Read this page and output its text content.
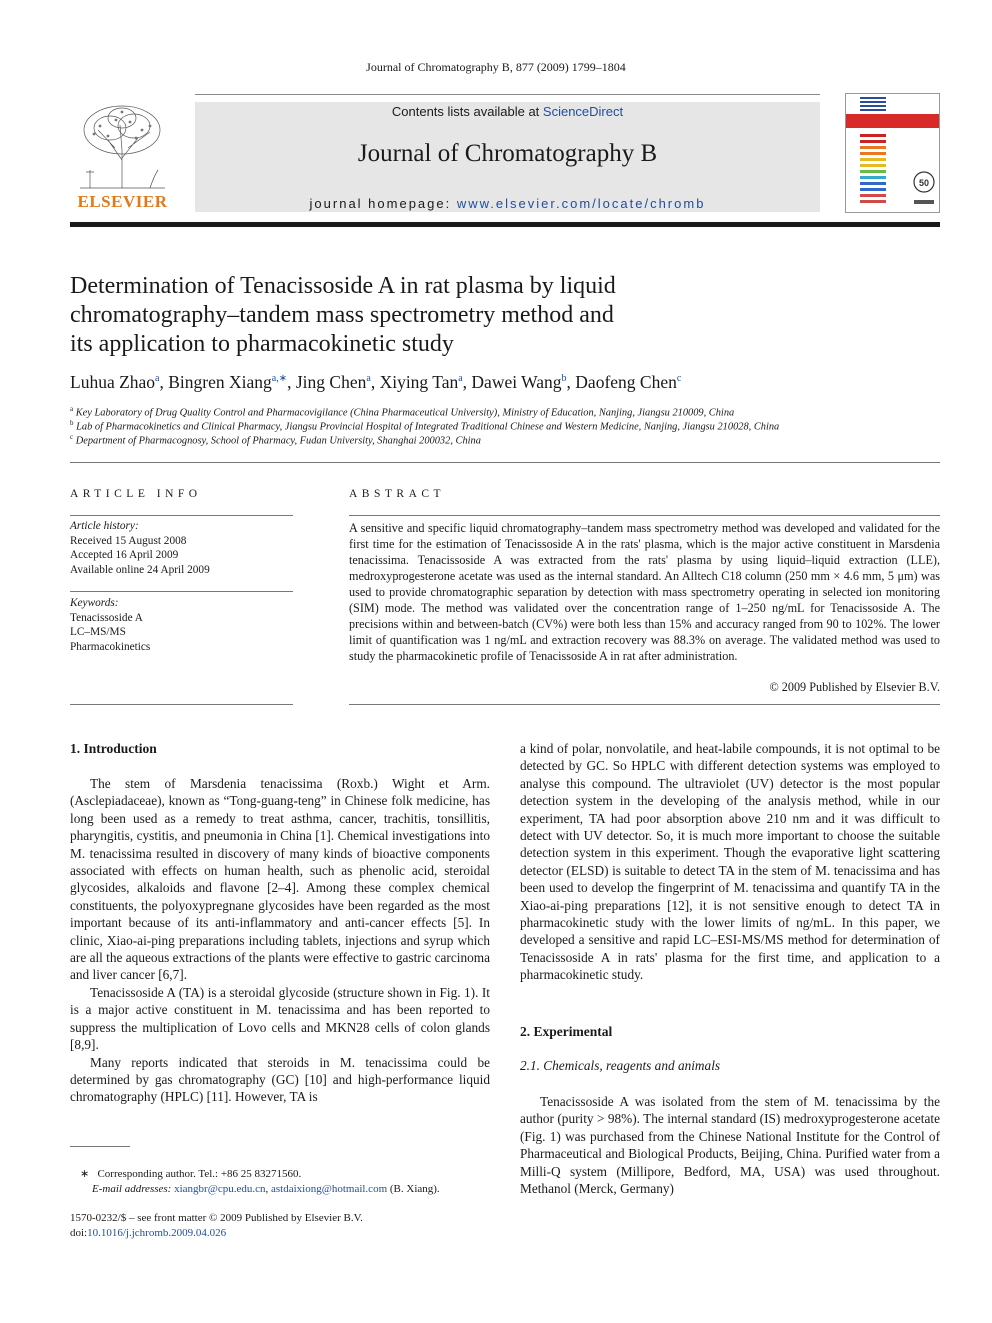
Journal of Chromatography B, 877 (2009) 1799–1804
Contents lists available at ScienceDirect
Journal of Chromatography B
journal homepage: www.elsevier.com/locate/chromb
ELSEVIER
50
Determination of Tenacissoside A in rat plasma by liquid
chromatography–tandem mass spectrometry method and
its application to pharmacokinetic study
Luhua Zhao$^a$, Bingren Xiang$^{a,∗}$, Jing Chen$^a$, Xiying Tan$^a$, Dawei Wang$^b$, Daofeng Chen$^c$
$^a$ Key Laboratory of Drug Quality Control and Pharmacovigilance (China Pharmaceutical University), Ministry of Education, Nanjing, Jiangsu 210009, China
$^b$ Lab of Pharmacokinetics and Clinical Pharmacy, Jiangsu Provincial Hospital of Integrated Traditional Chinese and Western Medicine, Nanjing, Jiangsu 210028, China
$^c$ Department of Pharmacognosy, School of Pharmacy, Fudan University, Shanghai 200032, China
ARTICLE INFO
Article history:
Received 15 August 2008
Accepted 16 April 2009
Available online 24 April 2009
Keywords:
Tenacissoside A
LC–MS/MS
Pharmacokinetics
ABSTRACT
A sensitive and specific liquid chromatography–tandem mass spectrometry method was developed and validated for the first time for the estimation of Tenacissoside A in the rats' plasma, which is the major active constituent in Marsdenia tenacissima. Tenacissoside A was extracted from the rats' plasma by using liquid–liquid extraction (LLE), medroxyprogesterone acetate was used as the internal standard. An Alltech C18 column (250 mm × 4.6 mm, 5 μm) was used to provide chromatographic separation by detection with mass spectrometry operating in selected ion monitoring (SIM) mode. The method was validated over the concentration range of 1–250 ng/mL for Tenacissoside A. The precisions within and between-batch (CV%) were both less than 15% and accuracy ranged from 90 to 102%. The lower limit of quantification was 1 ng/mL and extraction recovery was 88.3% on average. The validated method was used to study the pharmacokinetic profile of Tenacissoside A in rat after administration.
© 2009 Published by Elsevier B.V.
1. Introduction

The stem of Marsdenia tenacissima (Roxb.) Wight et Arm. (Asclepiadaceae), known as “Tong-guang-teng” in Chinese folk medicine, has long been used as a remedy to treat asthma, cancer, trachitis, tonsillitis, pharyngitis, cystitis, and pneumonia in China [1]. Chemical investigations into M. tenacissima resulted in discovery of many kinds of bioactive components associated with effects on human health, such as phenolic acid, steroidal glycosides, alkaloids and flavone [2–4]. Among these complex chemical constituents, the polyoxypregnane glycosides have been regarded as the most important because of its anti-inflammatory and anti-cancer effects [5]. In clinic, Xiao-ai-ping preparations including tablets, injections and syrup which are all the aqueous extractions of the plants were effective to gastric carcinoma and liver cancer [6,7].

Tenacissoside A (TA) is a steroidal glycoside (structure shown in Fig. 1). It is a major active constituent in M. tenacissima and has been reported to suppress the multiplication of Lovo cells and MKN28 cells of colon glands [8,9].

Many reports indicated that steroids in M. tenacissima could be determined by gas chromatography (GC) [10] and high-performance liquid chromatography (HPLC) [11]. However, TA is

a kind of polar, nonvolatile, and heat-labile compounds, it is not optimal to be detected by GC. So HPLC with different detection systems was employed to analyse this compound. The ultraviolet (UV) detector is the most popular detection system in the developing of the analysis method, while in our experiment, TA had poor absorption above 210 nm and it was difficult to detect with UV detector. So, it is much more important to choose the suitable detection system in this experiment. Though the evaporative light scattering detector (ELSD) is suitable to detect TA in the stem of M. tenacissima and has been used to develop the fingerprint of M. tenacissima and quantify TA in the Xiao-ai-ping preparations [12], it is not sensitive enough to detect TA in pharmacokinetic study with the lower limits of ng/mL. In this paper, we developed a sensitive and rapid LC–ESI-MS/MS method for determination of Tenacissoside A in rats' plasma for the first time, and application to a pharmacokinetic study.

2. Experimental
2.1. Chemicals, reagents and animals

Tenacissoside A was isolated from the stem of M. tenacissima by the author (purity > 98%). The internal standard (IS) medroxyprogesterone acetate (Fig. 1) was purchased from the Chinese National Institute for the Control of Pharmaceutical and Biological Products, Beijing, China. Purified water from a Milli-Q system (Millipore, Bedford, MA, USA) was used throughout. Methanol (Merck, Germany)

∗ Corresponding author. Tel.: +86 25 83271560.
E-mail addresses: xiangbr@cpu.edu.cn, astdaixiong@hotmail.com (B. Xiang).
1570-0232/$ – see front matter © 2009 Published by Elsevier B.V.
doi:10.1016/j.jchromb.2009.04.026
